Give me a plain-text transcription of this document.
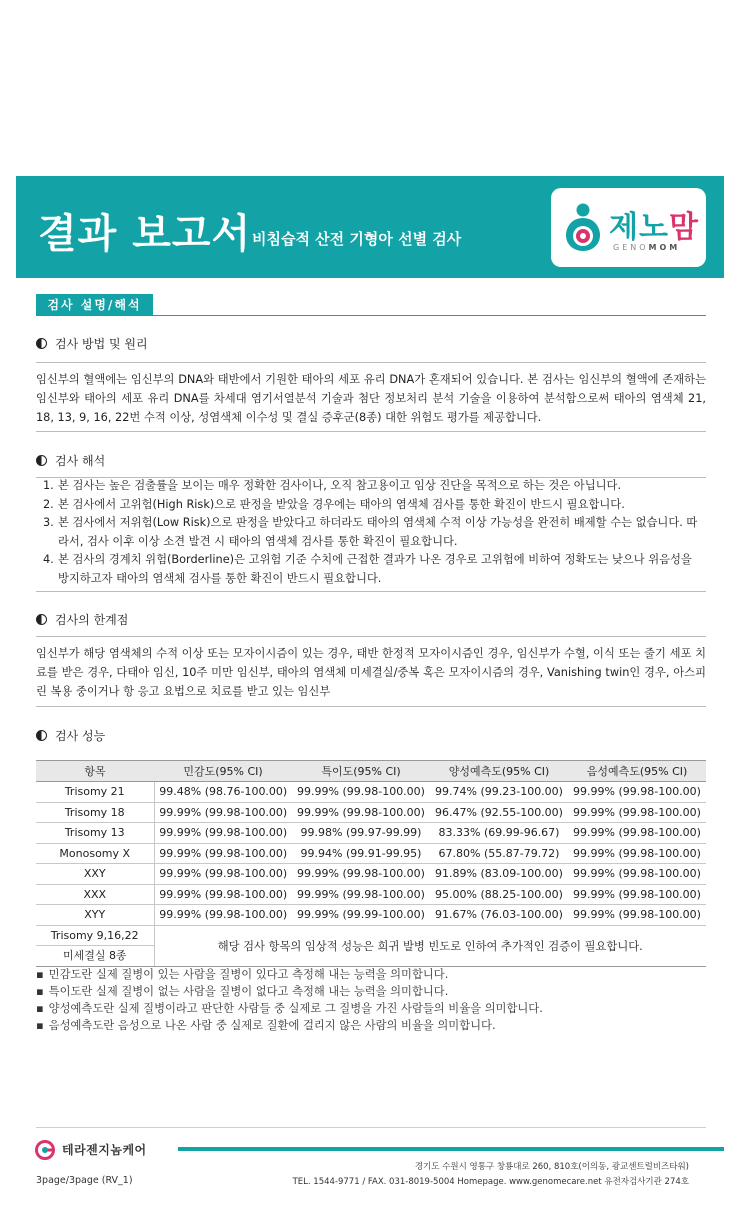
결과 보고서 비침습적 산전 기형아 선별 검사	제노맘
GENOMOM
검사 설명/해석
검사 방법 및 원리
임신부의 혈액에는 임신부의 DNA와 태반에서 기원한 태아의 세포 유리 DNA가 혼재되어 있습니다. 본 검사는 임신부의 혈액에 존재하는 임신부와 태아의 세포 유리 DNA를 차세대 염기서열분석 기술과 첨단 정보처리 분석 기술을 이용하여 분석함으로써 태아의 염색체 21, 18, 13, 9, 16, 22번 수적 이상, 성염색체 이수성 및 결실 증후군(8종) 대한 위험도 평가를 제공합니다.
검사 해석
1. 본 검사는 높은 검출률을 보이는 매우 정확한 검사이나, 오직 참고용이고 임상 진단을 목적으로 하는 것은 아닙니다.
2. 본 검사에서 고위험(High Risk)으로 판정을 받았을 경우에는 태아의 염색체 검사를 통한 확진이 반드시 필요합니다.
3. 본 검사에서 저위험(Low Risk)으로 판정을 받았다고 하더라도 태아의 염색체 수적 이상 가능성을 완전히 배제할 수는 없습니다. 따라서, 검사 이후 이상 소견 발견 시 태아의 염색체 검사를 통한 확진이 필요합니다.
4. 본 검사의 경계치 위험(Borderline)은 고위험 기준 수치에 근접한 결과가 나온 경우로 고위험에 비하여 정확도는 낮으나 위음성을 방지하고자 태아의 염색체 검사를 통한 확진이 반드시 필요합니다.
검사의 한계점
임신부가 해당 염색체의 수적 이상 또는 모자이시즘이 있는 경우, 태반 한정적 모자이시즘인 경우, 임신부가 수혈, 이식 또는 줄기 세포 치료를 받은 경우, 다태아 임신, 10주 미만 임신부, 태아의 염색체 미세결실/중복 혹은 모자이시즘의 경우, Vanishing twin인 경우, 아스피린 복용 중이거나 항 응고 요법으로 치료를 받고 있는 임신부
검사 성능
항목	민감도(95% CI)	특이도(95% CI)	양성예측도(95% CI)	음성예측도(95% CI)
Trisomy 21	99.48% (98.76-100.00)	99.99% (99.98-100.00)	99.74% (99.23-100.00)	99.99% (99.98-100.00)
Trisomy 18	99.99% (99.98-100.00)	99.99% (99.98-100.00)	96.47% (92.55-100.00)	99.99% (99.98-100.00)
Trisomy 13	99.99% (99.98-100.00)	99.98% (99.97-99.99)	83.33% (69.99-96.67)	99.99% (99.98-100.00)
Monosomy X	99.99% (99.98-100.00)	99.94% (99.91-99.95)	67.80% (55.87-79.72)	99.99% (99.98-100.00)
XXY	99.99% (99.98-100.00)	99.99% (99.98-100.00)	91.89% (83.09-100.00)	99.99% (99.98-100.00)
XXX	99.99% (99.98-100.00)	99.99% (99.98-100.00)	95.00% (88.25-100.00)	99.99% (99.98-100.00)
XYY	99.99% (99.98-100.00)	99.99% (99.99-100.00)	91.67% (76.03-100.00)	99.99% (99.98-100.00)

Trisomy 9,16,22
미세결실 8종	해당 검사 항목의 임상적 성능은 희귀 발병 빈도로 인하여 추가적인 검증이 필요합니다.			
▪ 민감도란 실제 질병이 있는 사람을 질병이 있다고 측정해 내는 능력을 의미합니다.
▪ 특이도란 실제 질병이 없는 사람을 질병이 없다고 측정해 내는 능력을 의미합니다.
▪ 양성예측도란 실제 질병이라고 판단한 사람들 중 실제로 그 질병을 가진 사람들의 비율을 의미합니다.
▪ 음성예측도란 음성으로 나온 사람 중 실제로 질환에 걸리지 않은 사람의 비율을 의미합니다.
테라젠지놈케어
경기도 수원시 영통구 창룡대로 260, 810호(이의동, 광교센트럴비즈타워)
TEL. 1544-9771 / FAX. 031-8019-5004 Homepage. www.genomecare.net 유전자검사기관 274호
3page/3page (RV_1)
